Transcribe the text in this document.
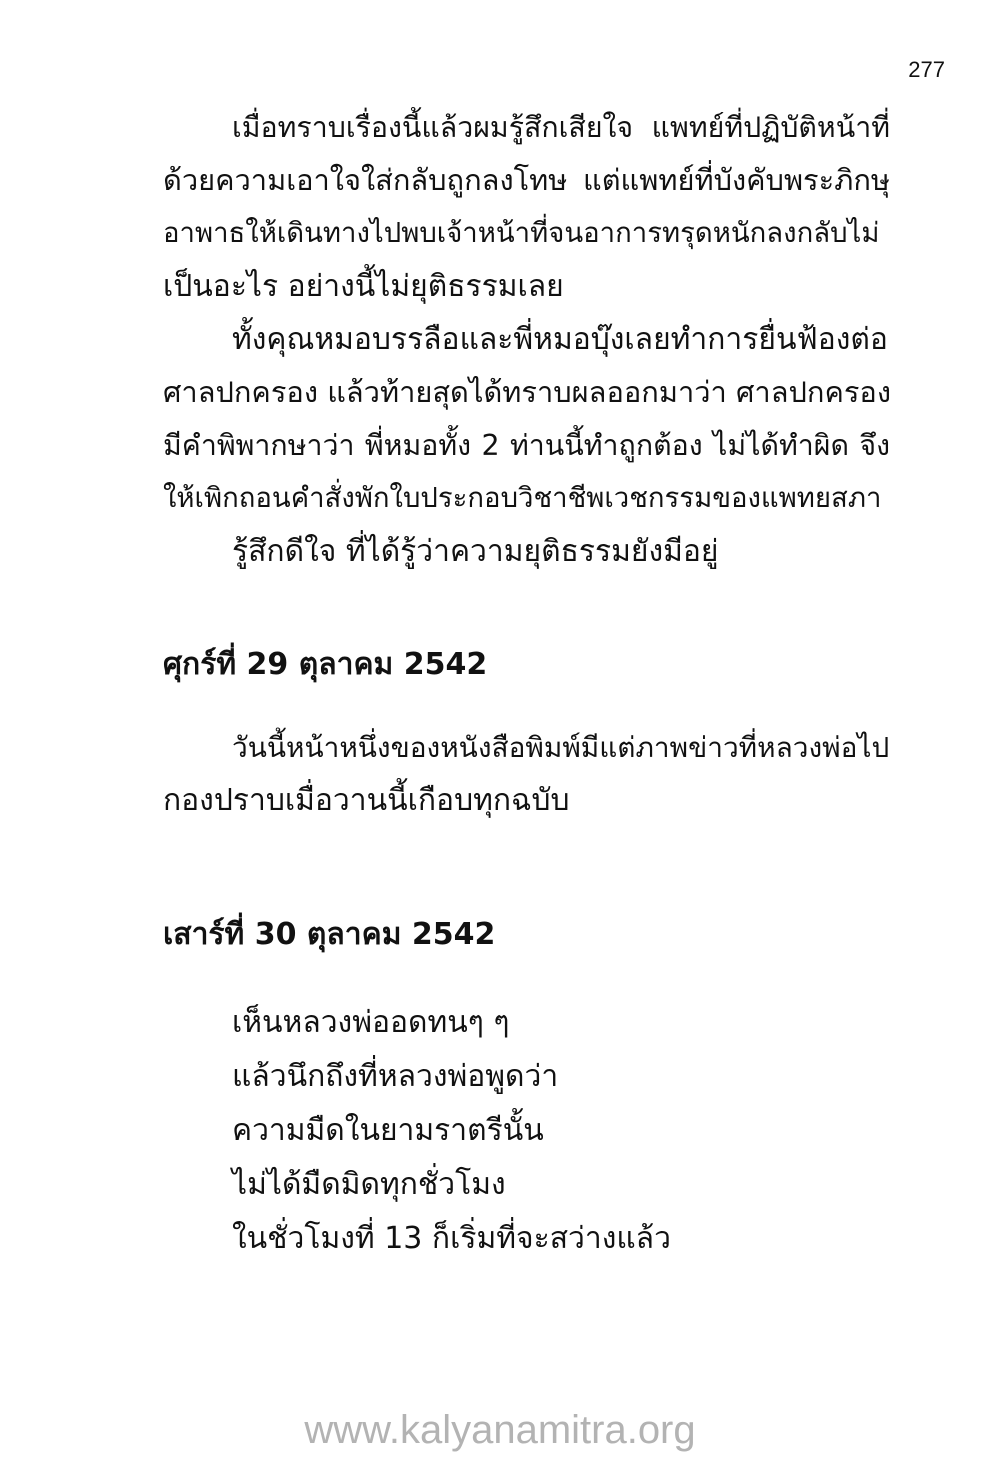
277
เมื่อทราบเรื่องนี้แล้วผมรู้สึกเสียใจ แพทย์ที่ปฏิบัติหน้าที่
ด้วยความเอาใจใส่กลับถูกลงโทษ แต่แพทย์ที่บังคับพระภิกษุ
อาพาธให้เดินทางไปพบเจ้าหน้าที่จนอาการทรุดหนักลงกลับไม่
เป็นอะไร อย่างนี้ไม่ยุติธรรมเลย
ทั้งคุณหมอบรรลือและพี่หมอบุ๊งเลยทำการยื่นฟ้องต่อ
ศาลปกครอง แล้วท้ายสุดได้ทราบผลออกมาว่า ศาลปกครอง
มีคำพิพากษาว่า พี่หมอทั้ง 2 ท่านนี้ทำถูกต้อง ไม่ได้ทำผิด จึง
ให้เพิกถอนคำสั่งพักใบประกอบวิชาชีพเวชกรรมของแพทยสภา
รู้สึกดีใจ ที่ได้รู้ว่าความยุติธรรมยังมีอยู่
ศุกร์ที่ 29 ตุลาคม 2542
วันนี้หน้าหนึ่งของหนังสือพิมพ์มีแต่ภาพข่าวที่หลวงพ่อไป
กองปราบเมื่อวานนี้เกือบทุกฉบับ
เสาร์ที่ 30 ตุลาคม 2542
เห็นหลวงพ่ออดทนๆ ๆ
แล้วนึกถึงที่หลวงพ่อพูดว่า
ความมืดในยามราตรีนั้น
ไม่ได้มืดมิดทุกชั่วโมง
ในชั่วโมงที่ 13 ก็เริ่มที่จะสว่างแล้ว
www.kalyanamitra.org
